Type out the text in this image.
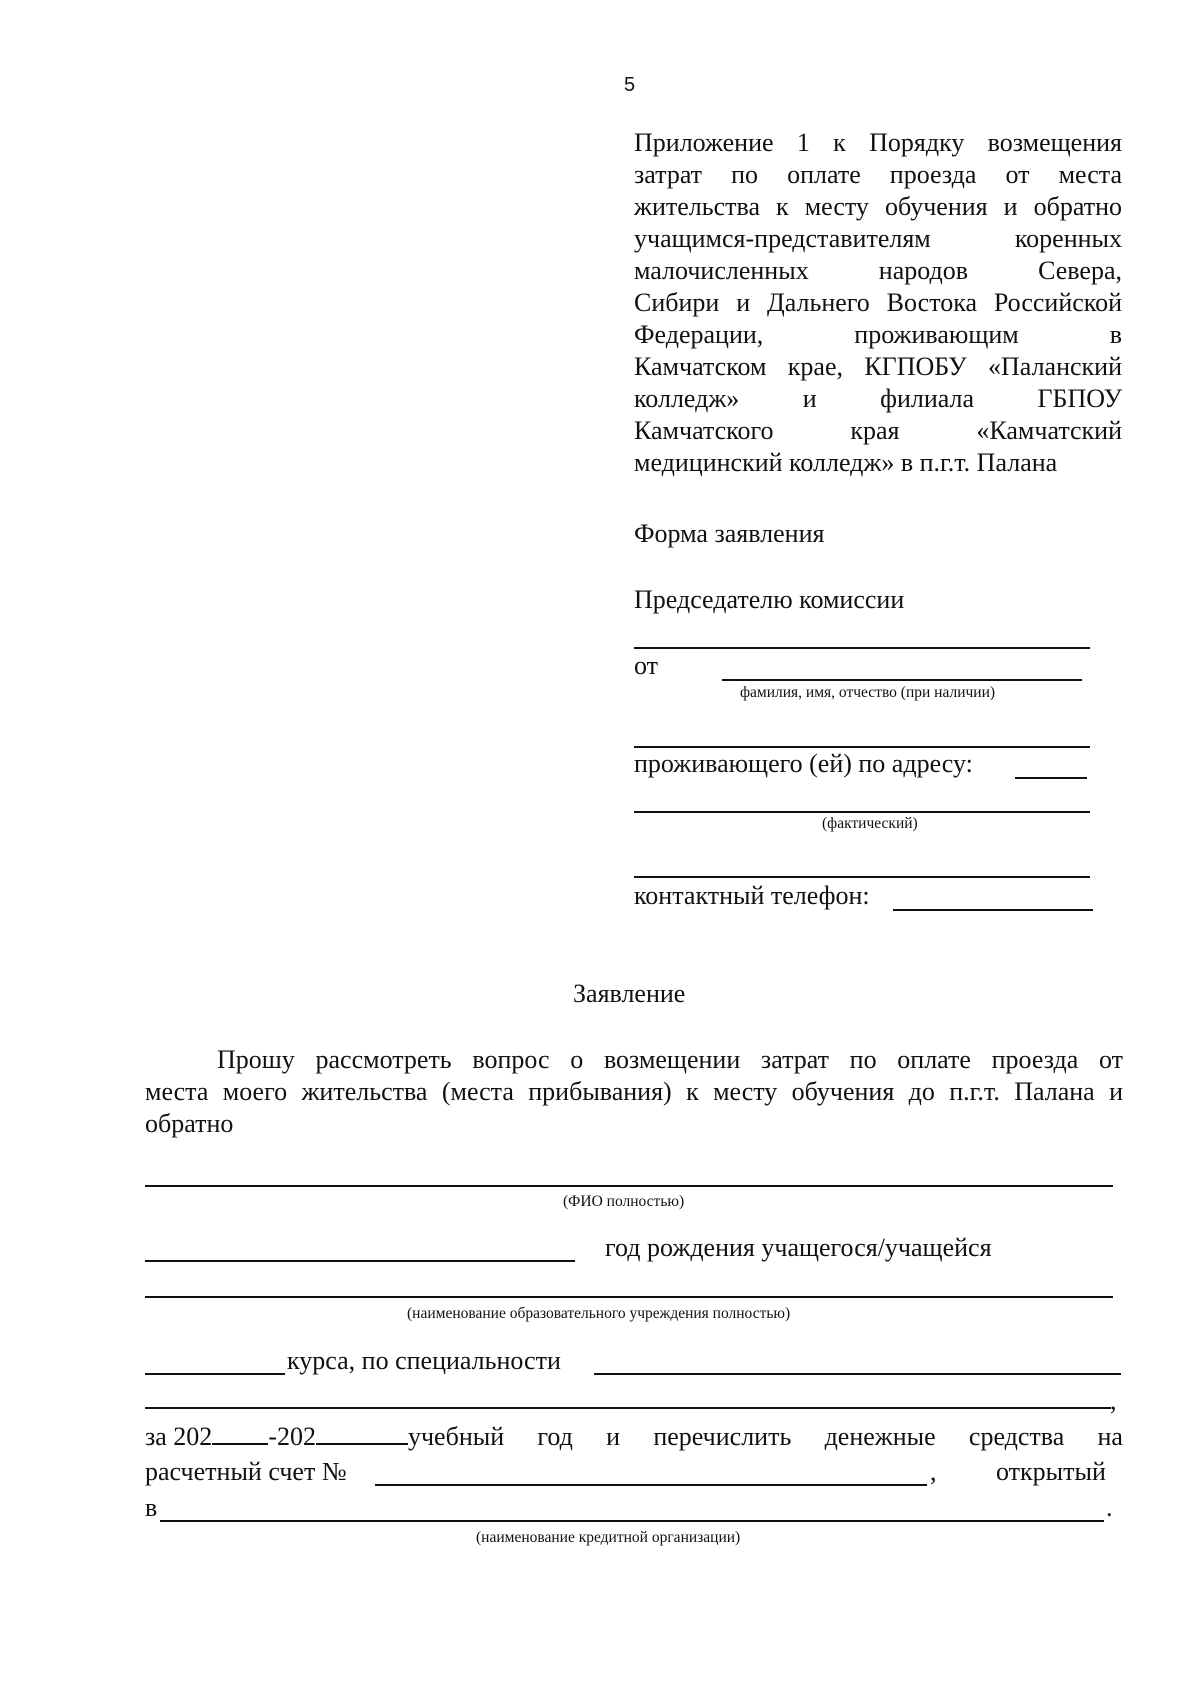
5
Приложение 1 к Порядку возмещения
затрат по оплате проезда от места
жительства к месту обучения и обратно
учащимся-представителям коренных
малочисленных народов Севера,
Сибири и Дальнего Востока Российской
Федерации, проживающим в
Камчатском крае, КГПОБУ «Паланский
колледж» и филиала ГБПОУ
Камчатского края «Камчатский
медицинский колледж» в п.г.т. Палана
Форма заявления
Председателю комиссии
от
фамилия, имя, отчество (при наличии)
проживающего (ей) по адресу:
(фактический)
контактный телефон:
Заявление
Прошу рассмотреть вопрос о возмещении затрат по оплате проезда от
места моего жительства (места прибывания) к месту обучения до п.г.т. Палана и
обратно
(ФИО полностью)
год рождения учащегося/учащейся
(наименование образовательного учреждения полностью)
курса, по специальности
,
за 202 -202	учебный год и перечислить денежные средства на
расчетный счет №	, открытый
в	.
(наименование кредитной организации)
